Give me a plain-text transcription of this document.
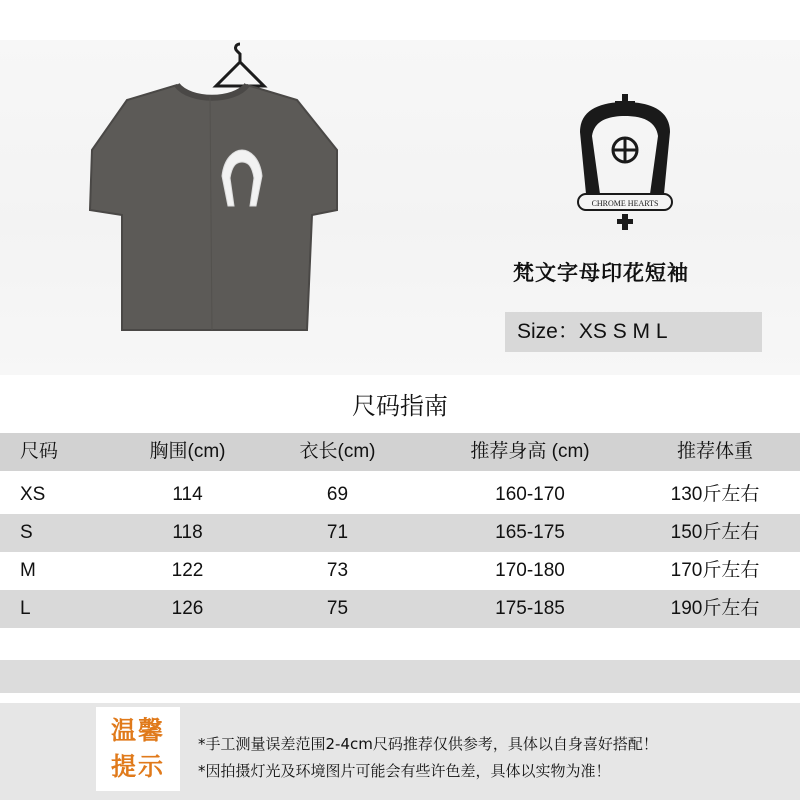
CHROME HEARTS
梵文字母印花短袖
Size：XS S M L
尺码指南
尺码	胸围(cm)	衣长(cm)	推荐身高 (cm)	推荐体重
XS	114	69	160-170	130斤左右
S	118	71	165-175	150斤左右
M	122	73	170-180	170斤左右
L	126	75	175-185	190斤左右
温馨
提示
*手工测量误差范围2-4cm尺码推荐仅供参考，具体以自身喜好搭配！
*因拍摄灯光及环境图片可能会有些许色差，具体以实物为准！
